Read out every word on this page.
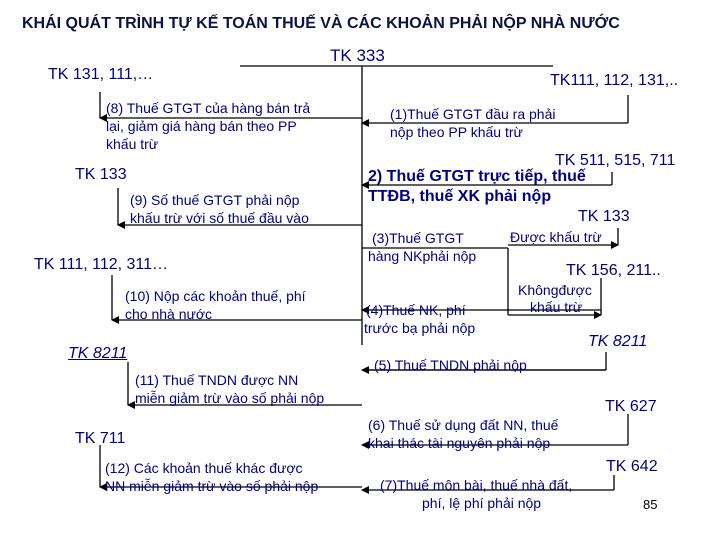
KHÁI QUÁT TRÌNH TỰ KẾ TOÁN THUẾ VÀ CÁC KHOẢN PHẢI NỘP NHÀ NƯỚC
TK 333
TK 131, 111,…
(8) Thuế GTGT của hàng bán trả
lại, giảm giá hàng bán theo PP
khấu trừ
TK 133
(9) Số thuế GTGT phải nộp
khấu trừ với số thuế đầu vào
TK 111, 112, 311…
(10) Nộp các khoản thuế, phí
cho nhà nước
TK 8211
(11) Thuế TNDN được NN
miễn giảm trừ vào số phải nộp
TK 711
(12) Các khoản thuế khác được
NN miễn giảm trừ vào số phải nộp
TK111, 112, 131,..
(1)Thuế GTGT đầu ra phải
nộp theo PP khấu trừ
TK 511, 515, 711
2) Thuế GTGT trực tiếp, thuế
TTĐB, thuế XK phải nộp
TK 133
(3)Thuế GTGT
hàng NKphải nộp
Được khấu trừ
TK 156, 211..
Khôngđược
khấu trừ
(4)Thuế NK, phí
trước bạ phải nộp
TK 8211
(5) Thuế TNDN phải nộp
TK 627
(6) Thuế sử dụng đất NN, thuế
khai thác tài nguyên phải nộp
TK 642
(7)Thuế môn bài, thuế nhà đất,
phí, lệ phí phải nộp	85
